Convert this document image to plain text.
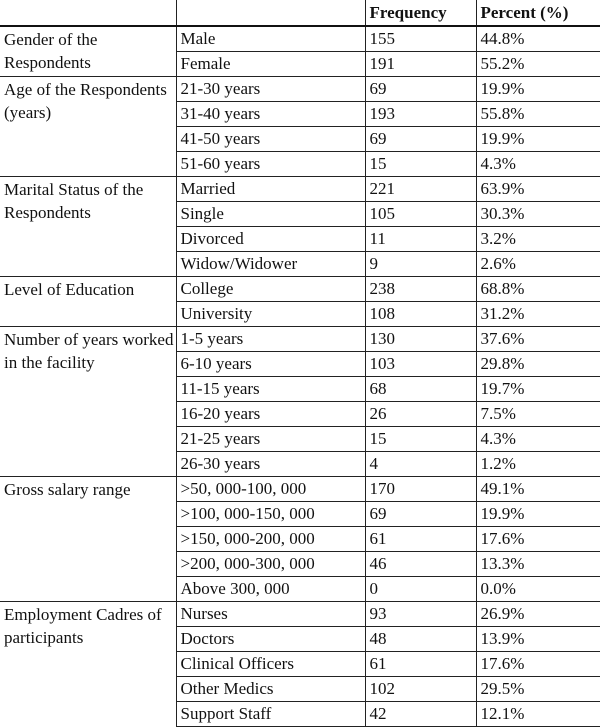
		Frequency	Percent (%)
Gender of the Respondents	Male	155	44.8%
	Female	191	55.2%
Age of the Respondents (years)	21-30 years	69	19.9%
	31-40 years	193	55.8%
	41-50 years	69	19.9%
	51-60 years	15	4.3%
Marital Status of the Respondents	Married	221	63.9%
	Single	105	30.3%
	Divorced	11	3.2%
	Widow/Widower	9	2.6%
Level of Education	College	238	68.8%
	University	108	31.2%
Number of years worked in the facility	1-5 years	130	37.6%
	6-10 years	103	29.8%
	11-15 years	68	19.7%
	16-20 years	26	7.5%
	21-25 years	15	4.3%
	26-30 years	4	1.2%
Gross salary range	>50, 000-100, 000	170	49.1%
	>100, 000-150, 000	69	19.9%
	>150, 000-200, 000	61	17.6%
	>200, 000-300, 000	46	13.3%
	Above 300, 000	0	0.0%
Employment Cadres of participants	Nurses	93	26.9%
	Doctors	48	13.9%
	Clinical Officers	61	17.6%
	Other Medics	102	29.5%
	Support Staff	42	12.1%
